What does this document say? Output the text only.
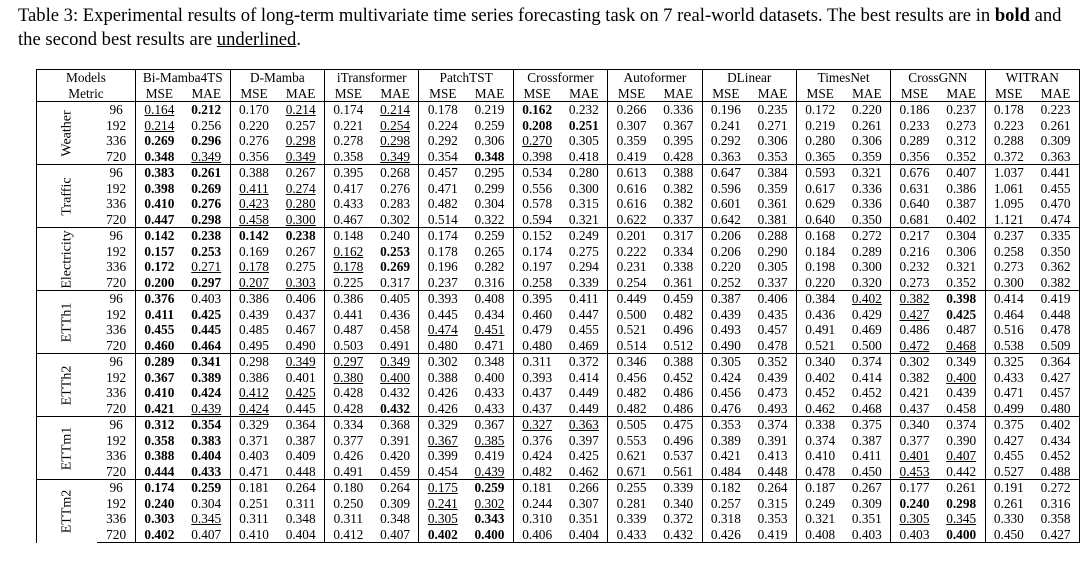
Table 3: Experimental results of long-term multivariate time series forecasting task on 7 real-world datasets. The best results are in bold and the second best results are underlined.
Models		Bi-Mamba4TS		D-Mamba		iTransformer		PatchTST		Crossformer		Autoformer		DLinear		TimesNet		CrossGNN		WITRAN	
Metric		MSE	MAE	MSE	MAE	MSE	MAE	MSE	MAE	MSE	MAE	MSE	MAE	MSE	MAE	MSE	MAE	MSE	MAE	MSE	MAE
Weather	96	0.164	0.212	0.170	0.214	0.174	0.214	0.178	0.219	0.162	0.232	0.266	0.336	0.196	0.235	0.172	0.220	0.186	0.237	0.178	0.223
	192	0.214	0.256	0.220	0.257	0.221	0.254	0.224	0.259	0.208	0.251	0.307	0.367	0.241	0.271	0.219	0.261	0.233	0.273	0.223	0.261
	336	0.269	0.296	0.276	0.298	0.278	0.298	0.292	0.306	0.270	0.305	0.359	0.395	0.292	0.306	0.280	0.306	0.289	0.312	0.288	0.309
	720	0.348	0.349	0.356	0.349	0.358	0.349	0.354	0.348	0.398	0.418	0.419	0.428	0.363	0.353	0.365	0.359	0.356	0.352	0.372	0.363
Traffic	96	0.383	0.261	0.388	0.267	0.395	0.268	0.457	0.295	0.534	0.280	0.613	0.388	0.647	0.384	0.593	0.321	0.676	0.407	1.037	0.441
	192	0.398	0.269	0.411	0.274	0.417	0.276	0.471	0.299	0.556	0.300	0.616	0.382	0.596	0.359	0.617	0.336	0.631	0.386	1.061	0.455
	336	0.410	0.276	0.423	0.280	0.433	0.283	0.482	0.304	0.578	0.315	0.616	0.382	0.601	0.361	0.629	0.336	0.640	0.387	1.095	0.470
	720	0.447	0.298	0.458	0.300	0.467	0.302	0.514	0.322	0.594	0.321	0.622	0.337	0.642	0.381	0.640	0.350	0.681	0.402	1.121	0.474
Electricity	96	0.142	0.238	0.142	0.238	0.148	0.240	0.174	0.259	0.152	0.249	0.201	0.317	0.206	0.288	0.168	0.272	0.217	0.304	0.237	0.335
	192	0.157	0.253	0.169	0.267	0.162	0.253	0.178	0.265	0.174	0.275	0.222	0.334	0.206	0.290	0.184	0.289	0.216	0.306	0.258	0.350
	336	0.172	0.271	0.178	0.275	0.178	0.269	0.196	0.282	0.197	0.294	0.231	0.338	0.220	0.305	0.198	0.300	0.232	0.321	0.273	0.362
	720	0.200	0.297	0.207	0.303	0.225	0.317	0.237	0.316	0.258	0.339	0.254	0.361	0.252	0.337	0.220	0.320	0.273	0.352	0.300	0.382
ETTh1	96	0.376	0.403	0.386	0.406	0.386	0.405	0.393	0.408	0.395	0.411	0.449	0.459	0.387	0.406	0.384	0.402	0.382	0.398	0.414	0.419
	192	0.411	0.425	0.439	0.437	0.441	0.436	0.445	0.434	0.460	0.447	0.500	0.482	0.439	0.435	0.436	0.429	0.427	0.425	0.464	0.448
	336	0.455	0.445	0.485	0.467	0.487	0.458	0.474	0.451	0.479	0.455	0.521	0.496	0.493	0.457	0.491	0.469	0.486	0.487	0.516	0.478
	720	0.460	0.464	0.495	0.490	0.503	0.491	0.480	0.471	0.480	0.469	0.514	0.512	0.490	0.478	0.521	0.500	0.472	0.468	0.538	0.509
ETTh2	96	0.289	0.341	0.298	0.349	0.297	0.349	0.302	0.348	0.311	0.372	0.346	0.388	0.305	0.352	0.340	0.374	0.302	0.349	0.325	0.364
	192	0.367	0.389	0.386	0.401	0.380	0.400	0.388	0.400	0.393	0.414	0.456	0.452	0.424	0.439	0.402	0.414	0.382	0.400	0.433	0.427
	336	0.410	0.424	0.412	0.425	0.428	0.432	0.426	0.433	0.437	0.449	0.482	0.486	0.456	0.473	0.452	0.452	0.421	0.439	0.471	0.457
	720	0.421	0.439	0.424	0.445	0.428	0.432	0.426	0.433	0.437	0.449	0.482	0.486	0.476	0.493	0.462	0.468	0.437	0.458	0.499	0.480
ETTm1	96	0.312	0.354	0.329	0.364	0.334	0.368	0.329	0.367	0.327	0.363	0.505	0.475	0.353	0.374	0.338	0.375	0.340	0.374	0.375	0.402
	192	0.358	0.383	0.371	0.387	0.377	0.391	0.367	0.385	0.376	0.397	0.553	0.496	0.389	0.391	0.374	0.387	0.377	0.390	0.427	0.434
	336	0.388	0.404	0.403	0.409	0.426	0.420	0.399	0.419	0.424	0.425	0.621	0.537	0.421	0.413	0.410	0.411	0.401	0.407	0.455	0.452
	720	0.444	0.433	0.471	0.448	0.491	0.459	0.454	0.439	0.482	0.462	0.671	0.561	0.484	0.448	0.478	0.450	0.453	0.442	0.527	0.488
ETTm2	96	0.174	0.259	0.181	0.264	0.180	0.264	0.175	0.259	0.181	0.266	0.255	0.339	0.182	0.264	0.187	0.267	0.177	0.261	0.191	0.272
	192	0.240	0.304	0.251	0.311	0.250	0.309	0.241	0.302	0.244	0.307	0.281	0.340	0.257	0.315	0.249	0.309	0.240	0.298	0.261	0.316
	336	0.303	0.345	0.311	0.348	0.311	0.348	0.305	0.343	0.310	0.351	0.339	0.372	0.318	0.353	0.321	0.351	0.305	0.345	0.330	0.358
	720	0.402	0.407	0.410	0.404	0.412	0.407	0.402	0.400	0.406	0.404	0.433	0.432	0.426	0.419	0.408	0.403	0.403	0.400	0.450	0.427
